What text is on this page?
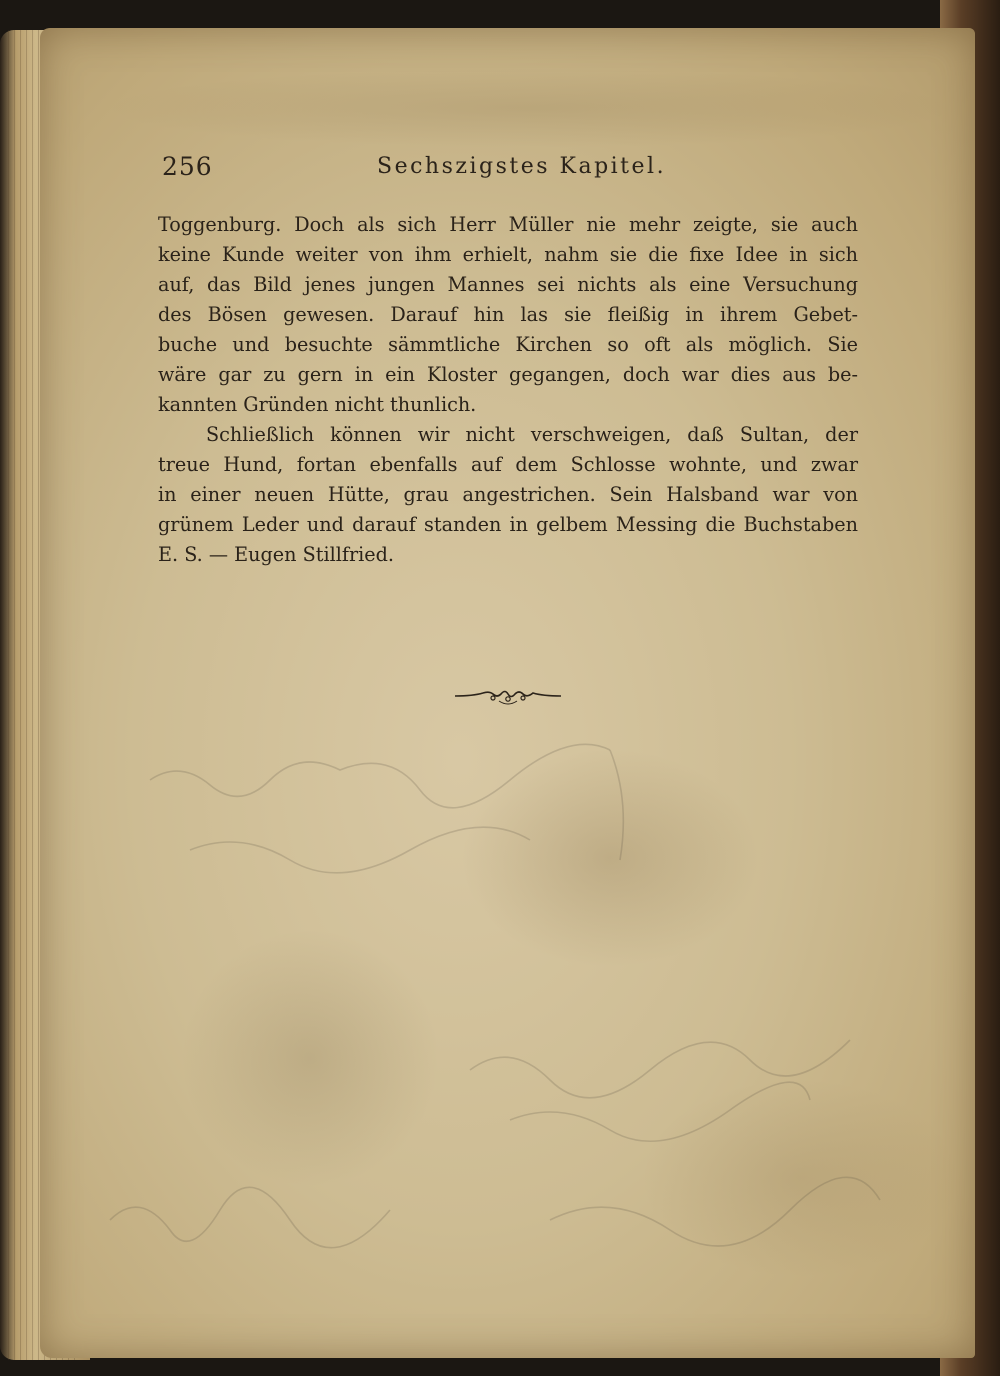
256	Sechszigstes Kapitel.

Toggenburg. Doch als sich Herr Müller nie mehr zeigte, sie auch
keine Kunde weiter von ihm erhielt, nahm sie die fixe Idee in sich
auf, das Bild jenes jungen Mannes sei nichts als eine Versuchung
des Bösen gewesen. Darauf hin las sie fleißig in ihrem Gebet-
buche und besuchte sämmtliche Kirchen so oft als möglich. Sie
wäre gar zu gern in ein Kloster gegangen, doch war dies aus be-
kannten Gründen nicht thunlich.

Schließlich können wir nicht verschweigen, daß Sultan, der
treue Hund, fortan ebenfalls auf dem Schlosse wohnte, und zwar
in einer neuen Hütte, grau angestrichen. Sein Halsband war von
grünem Leder und darauf standen in gelbem Messing die Buchstaben
E. S. — Eugen Stillfried.
